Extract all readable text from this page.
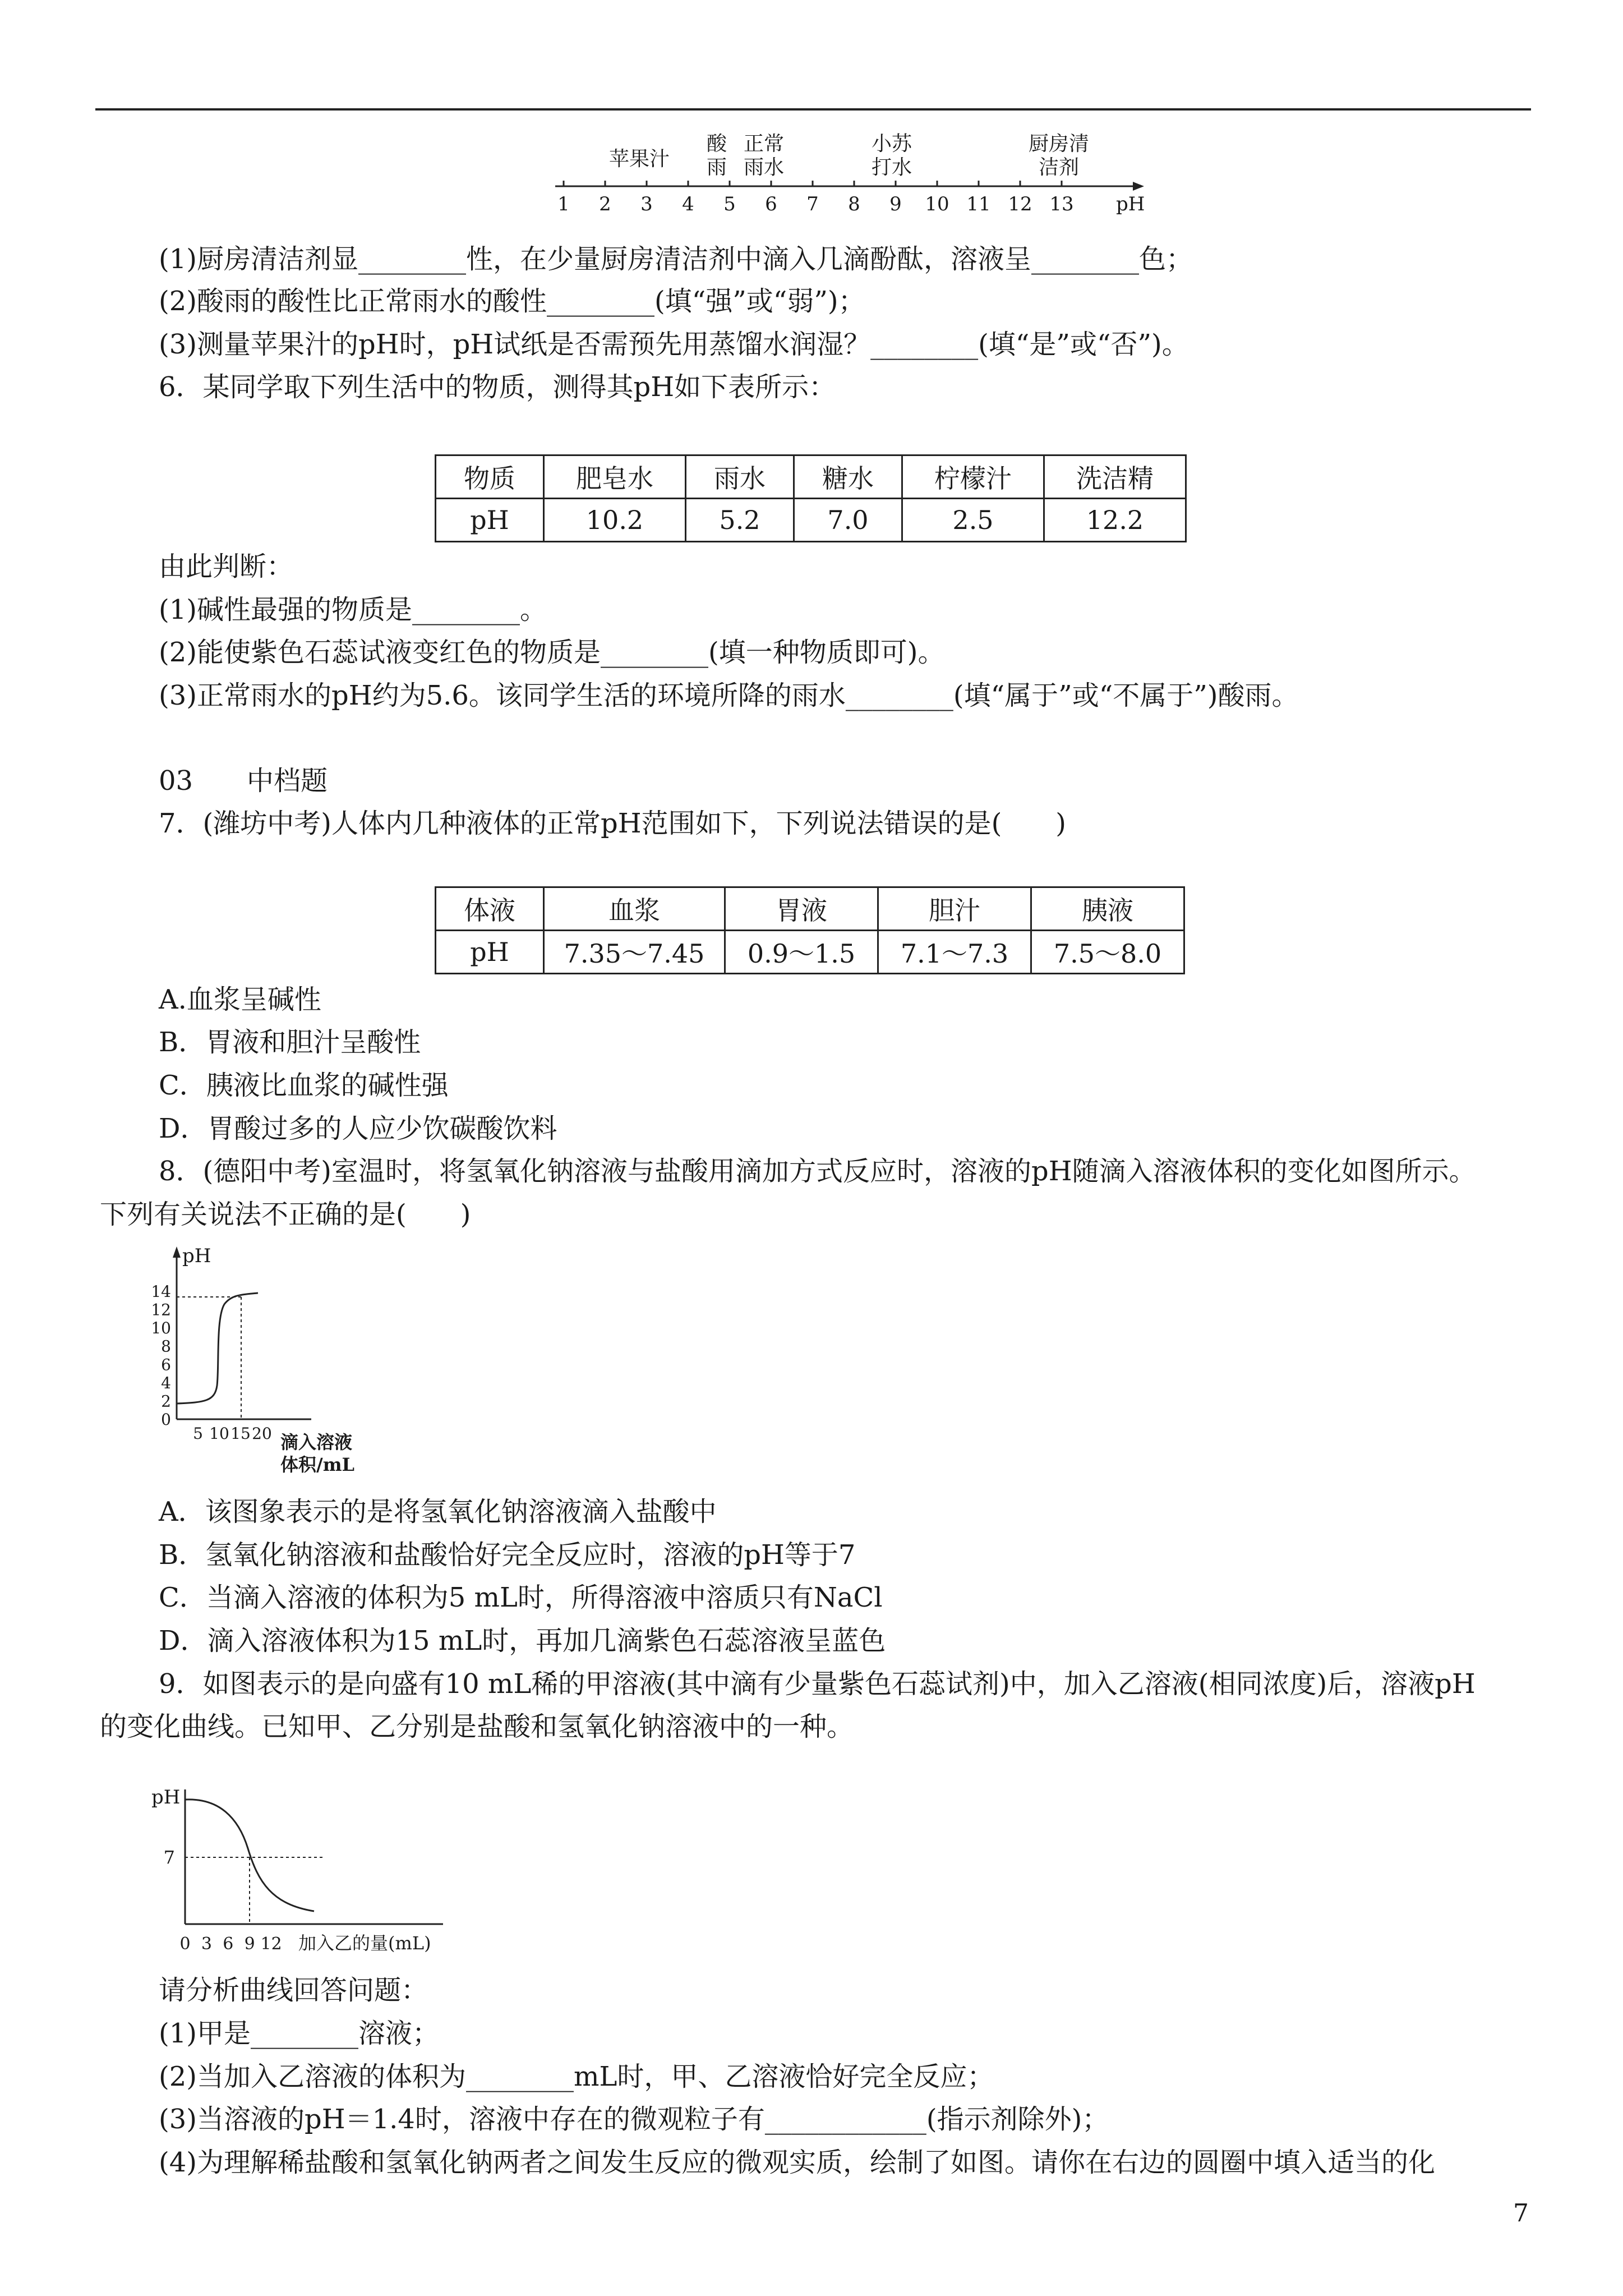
1 2 3 4 5 6 7 8 9 10 11 12 13
苹果汁
酸
雨
正常
雨水
小苏
打水
厨房清
洁剂
pH
(1)厨房清洁剂显________性，在少量厨房清洁剂中滴入几滴酚酞，溶液呈________色；
(2)酸雨的酸性比正常雨水的酸性________(填“强”或“弱”)；
(3)测量苹果汁的pH时，pH试纸是否需预先用蒸馏水润湿？________(填“是”或“否”)。
6．某同学取下列生活中的物质，测得其pH如下表所示：
物质	肥皂水	雨水	糖水	柠檬汁	洗洁精
pH	10.2	5.2	7.0	2.5	12.2
由此判断：
(1)碱性最强的物质是________。
(2)能使紫色石蕊试液变红色的物质是________(填一种物质即可)。
(3)正常雨水的pH约为5.6。该同学生活的环境所降的雨水________(填“属于”或“不属于”)酸雨。
03 中档题
7．(潍坊中考)人体内几种液体的正常pH范围如下，下列说法错误的是(　　)
体液	血浆	胃液	胆汁	胰液
pH	7.35～7.45	0.9～1.5	7.1～7.3	7.5～8.0
A.血浆呈碱性
B．胃液和胆汁呈酸性
C．胰液比血浆的碱性强
D．胃酸过多的人应少饮碳酸饮料
8．(德阳中考)室温时，将氢氧化钠溶液与盐酸用滴加方式反应时，溶液的pH随滴入溶液体积的变化如图所示。
下列有关说法不正确的是(　　)
pH
14
12
10
8
6
4
2
0
5 10 15 20 滴入溶液
体积/mL
A．该图象表示的是将氢氧化钠溶液滴入盐酸中
B．氢氧化钠溶液和盐酸恰好完全反应时，溶液的pH等于7
C．当滴入溶液的体积为5 mL时，所得溶液中溶质只有NaCl
D．滴入溶液体积为15 mL时，再加几滴紫色石蕊溶液呈蓝色
9．如图表示的是向盛有10 mL稀的甲溶液(其中滴有少量紫色石蕊试剂)中，加入乙溶液(相同浓度)后，溶液pH
的变化曲线。已知甲、乙分别是盐酸和氢氧化钠溶液中的一种。
pH
7
0 3 6 9 12 加入乙的量(mL)
请分析曲线回答问题：
(1)甲是________溶液；
(2)当加入乙溶液的体积为________mL时，甲、乙溶液恰好完全反应；
(3)当溶液的pH＝1.4时，溶液中存在的微观粒子有____________(指示剂除外)；
(4)为理解稀盐酸和氢氧化钠两者之间发生反应的微观实质，绘制了如图。请你在右边的圆圈中填入适当的化
7
